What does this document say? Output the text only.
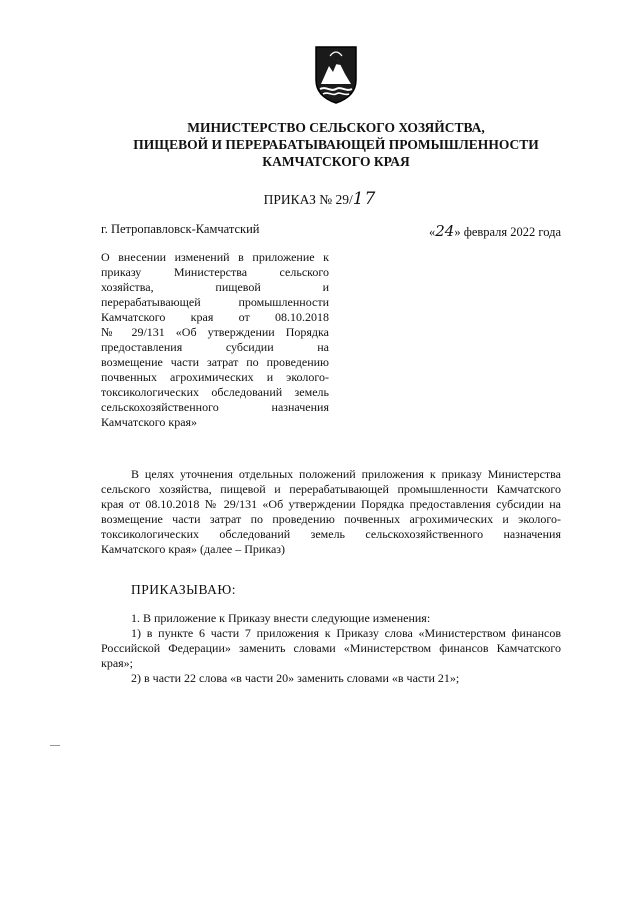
МИНИСТЕРСТВО СЕЛЬСКОГО ХОЗЯЙСТВА,
ПИЩЕВОЙ И ПЕРЕРАБАТЫВАЮЩЕЙ ПРОМЫШЛЕННОСТИ
КАМЧАТСКОГО КРАЯ
ПРИКАЗ № 29/17
г. Петропавловск-Камчатский	«24» февраля 2022 года
О внесении изменений в приложение к
приказу Министерства сельского
хозяйства, пищевой и
перерабатывающей промышленности
Камчатского края от 08.10.2018
№ 29/131 «Об утверждении Порядка
предоставления субсидии на
возмещение части затрат по проведению
почвенных агрохимических и эколого-
токсикологических обследований земель
сельскохозяйственного назначения
Камчатского края»
В целях уточнения отдельных положений приложения к приказу Министерства
сельского хозяйства, пищевой и перерабатывающей промышленности Камчатского
края от 08.10.2018 № 29/131 «Об утверждении Порядка предоставления субсидии на
возмещение части затрат по проведению почвенных агрохимических и эколого-
токсикологических обследований земель сельскохозяйственного назначения
Камчатского края» (далее – Приказ)
ПРИКАЗЫВАЮ:
1. В приложение к Приказу внести следующие изменения:
1) в пункте 6 части 7 приложения к Приказу слова «Министерством финансов
Российской Федерации» заменить словами «Министерством финансов Камчатского
края»;
2) в части 22 слова «в части 20» заменить словами «в части 21»;
